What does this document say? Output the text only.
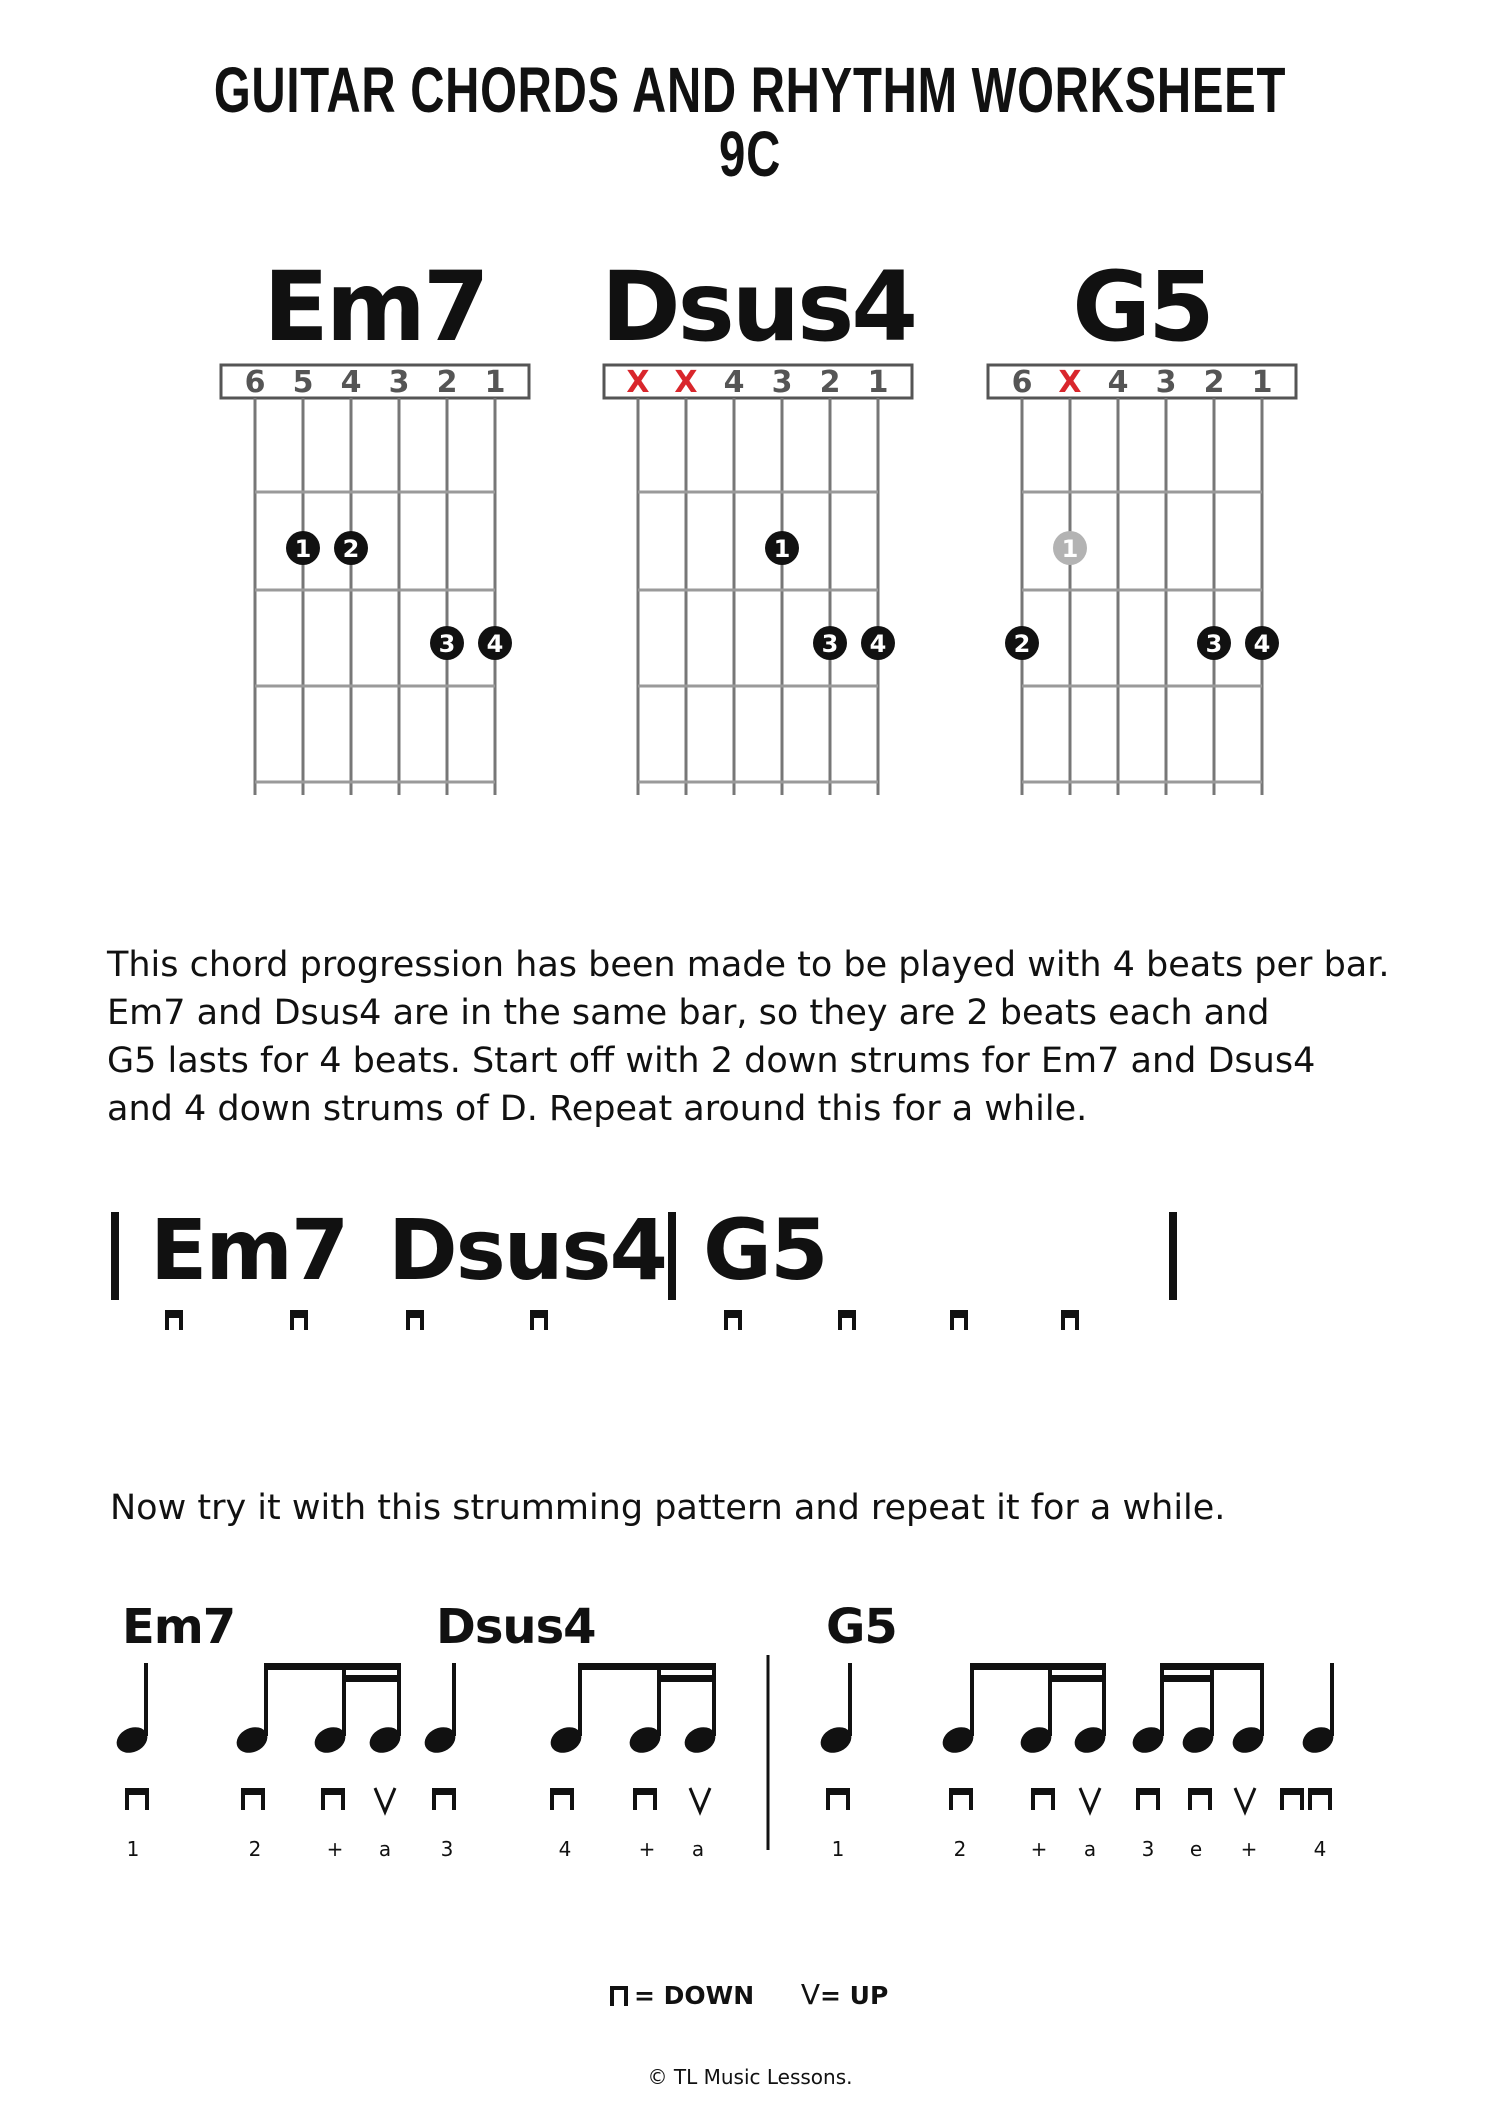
GUITAR CHORDS AND RHYTHM WORKSHEET 9C
Em7
6 5 4 3 2 1
1 2
3 4
Dsus4
X X 4 3 2 1
1
3 4
G5
6 X 4 3 2 1
1
2	3 4
This chord progression has been made to be played with 4 beats per bar.
Em7 and Dsus4 are in the same bar, so they are 2 beats each and
G5 lasts for 4 beats. Start off with 2 down strums for Em7 and Dsus4
and 4 down strums of D. Repeat around this for a while.
Em7 Dsus4 G5
Now try it with this strumming pattern and repeat it for a while.
Em7	Dsus4	G5
1	2	+ a 3	4	+ a	1	2	+ a 3 e +	4
= DOWN V= UP
© TL Music Lessons.
